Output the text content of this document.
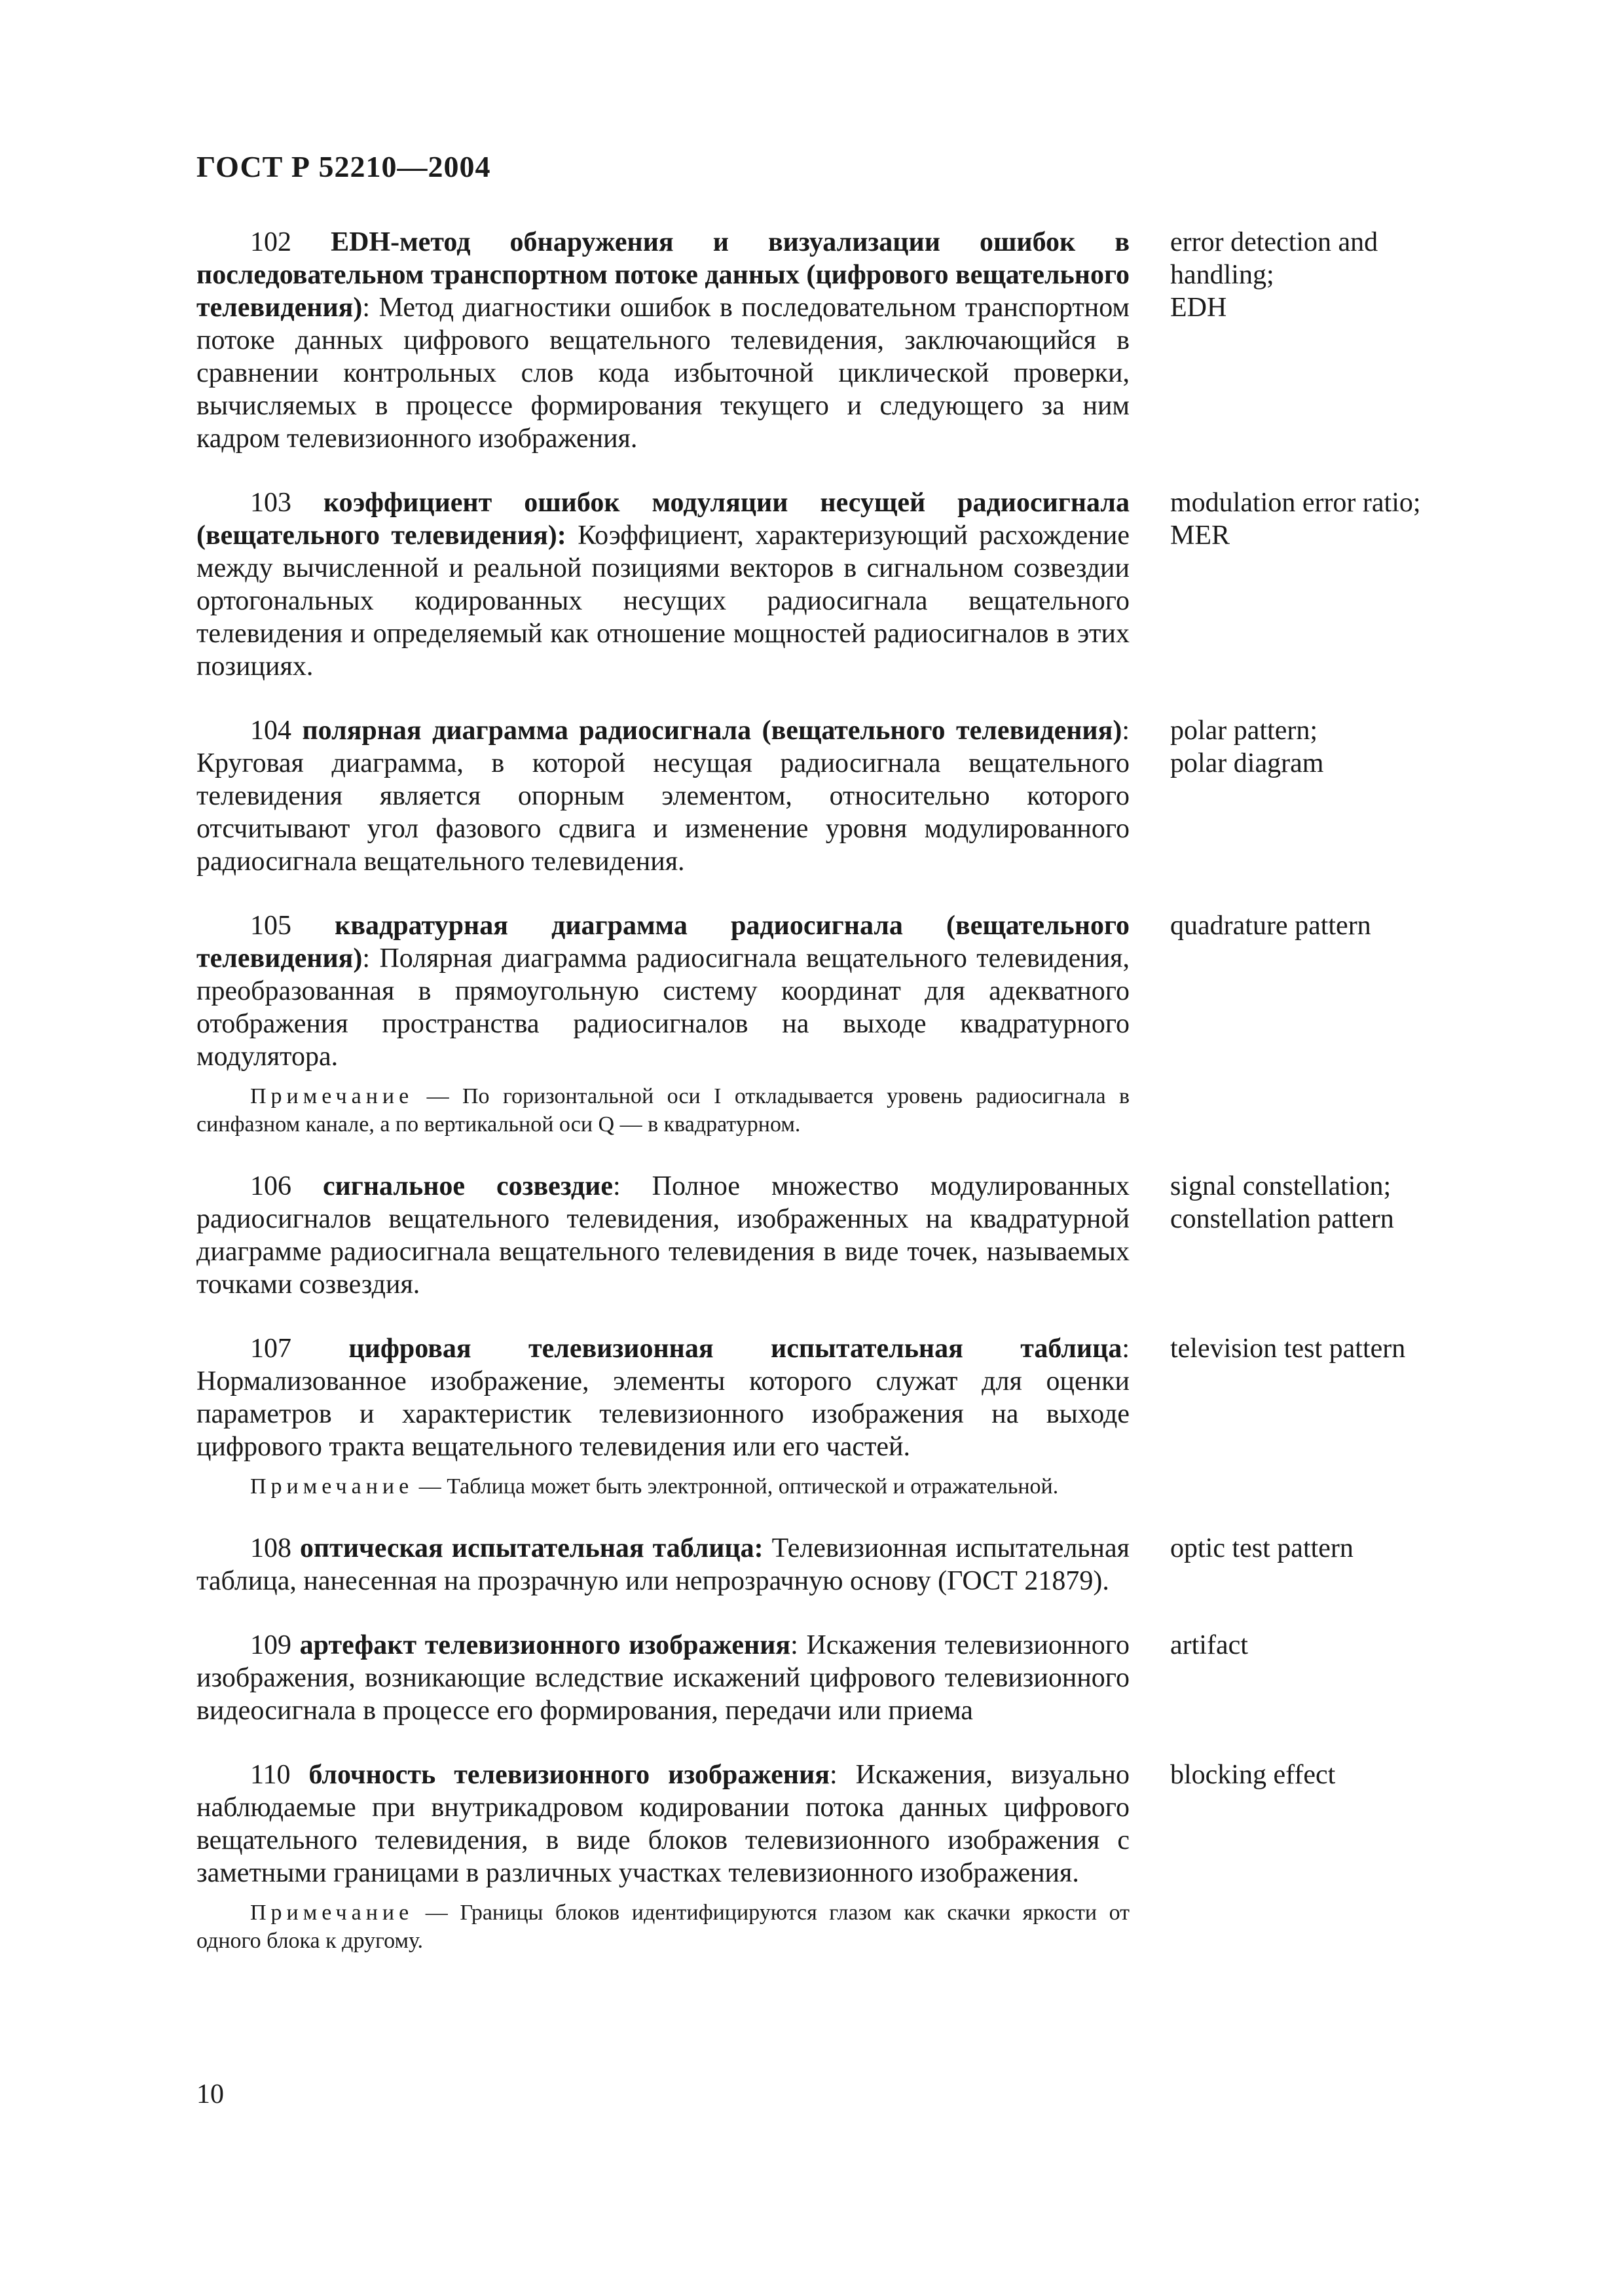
ГОСТ Р 52210—2004

102 EDH-метод обнаружения и визуализации ошибок в последовательном транспортном потоке данных (цифрового вещательного телевидения): Метод диагностики ошибок в последовательном транспортном потоке данных цифрового вещательного телевидения, заключающийся в сравнении контрольных слов кода избыточной циклической проверки, вычисляемых в процессе формирования текущего и следующего за ним кадром телевизионного изображения.

error detection and
handling;
EDH

103 коэффициент ошибок модуляции несущей радиосигнала (вещательного телевидения): Коэффициент, характеризующий расхождение между вычисленной и реальной позициями векторов в сигнальном созвездии ортогональных кодированных несущих радиосигнала вещательного телевидения и определяемый как отношение мощностей радиосигналов в этих позициях.

modulation error ratio;
MER

104 полярная диаграмма радиосигнала (вещательного телевидения): Круговая диаграмма, в которой несущая радиосигнала вещательного телевидения является опорным элементом, относительно которого отсчитывают угол фазового сдвига и изменение уровня модулированного радиосигнала вещательного телевидения.

polar pattern;
polar diagram

105 квадратурная диаграмма радиосигнала (вещательного телевидения): Полярная диаграмма радиосигнала вещательного телевидения, преобразованная в прямоугольную систему координат для адекватного отображения пространства радиосигналов на выходе квадратурного модулятора.

Примечание — По горизонтальной оси I откладывается уровень радиосигнала в синфазном канале, а по вертикальной оси Q — в квадратурном.

quadrature pattern

106 сигнальное созвездие: Полное множество модулированных радиосигналов вещательного телевидения, изображенных на квадратурной диаграмме радиосигнала вещательного телевидения в виде точек, называемых точками созвездия.

signal constellation;
constellation pattern

107 цифровая телевизионная испытательная таблица: Нормализованное изображение, элементы которого служат для оценки параметров и характеристик телевизионного изображения на выходе цифрового тракта вещательного телевидения или его частей.

Примечание — Таблица может быть электронной, оптической и отражательной.

television test pattern

108 оптическая испытательная таблица: Телевизионная испытательная таблица, нанесенная на прозрачную или непрозрачную основу (ГОСТ 21879).

optic test pattern

109 артефакт телевизионного изображения: Искажения телевизионного изображения, возникающие вследствие искажений цифрового телевизионного видеосигнала в процессе его формирования, передачи или приема

artifact

110 блочность телевизионного изображения: Искажения, визуально наблюдаемые при внутрикадровом кодировании потока данных цифрового вещательного телевидения, в виде блоков телевизионного изображения с заметными границами в различных участках телевизионного изображения.

Примечание — Границы блоков идентифицируются глазом как скачки яркости от одного блока к другому.

blocking effect
10
